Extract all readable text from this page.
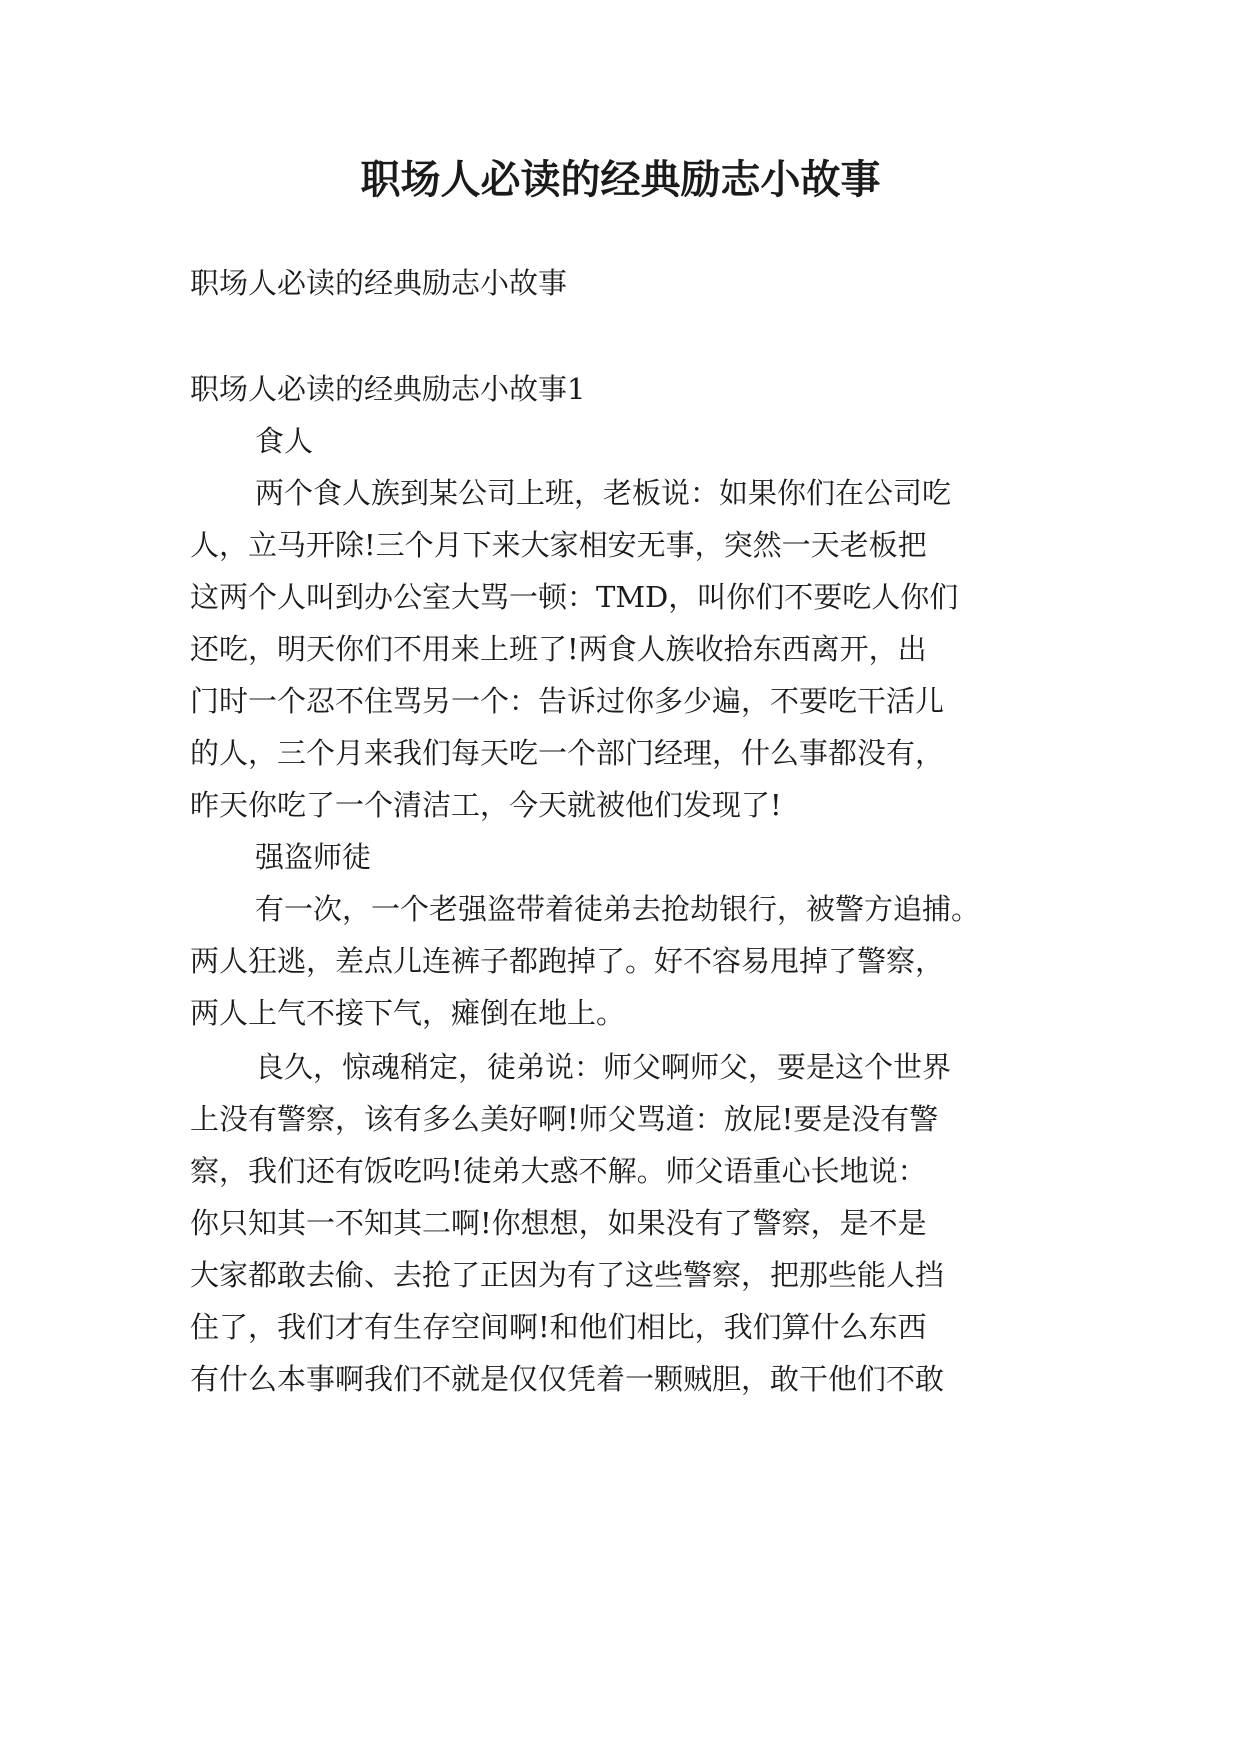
职场人必读的经典励志小故事
职场人必读的经典励志小故事
职场人必读的经典励志小故事1
食人
两个食人族到某公司上班，老板说：如果你们在公司吃
人，立马开除!三个月下来大家相安无事，突然一天老板把
这两个人叫到办公室大骂一顿：TMD，叫你们不要吃人你们
还吃，明天你们不用来上班了!两食人族收拾东西离开，出
门时一个忍不住骂另一个：告诉过你多少遍，不要吃干活儿
的人，三个月来我们每天吃一个部门经理，什么事都没有，
昨天你吃了一个清洁工，今天就被他们发现了!
强盗师徒
有一次，一个老强盗带着徒弟去抢劫银行，被警方追捕。
两人狂逃，差点儿连裤子都跑掉了。好不容易甩掉了警察，
两人上气不接下气，瘫倒在地上。
良久，惊魂稍定，徒弟说：师父啊师父，要是这个世界
上没有警察，该有多么美好啊!师父骂道：放屁!要是没有警
察，我们还有饭吃吗!徒弟大惑不解。师父语重心长地说：
你只知其一不知其二啊!你想想，如果没有了警察，是不是
大家都敢去偷、去抢了正因为有了这些警察，把那些能人挡
住了，我们才有生存空间啊!和他们相比，我们算什么东西
有什么本事啊我们不就是仅仅凭着一颗贼胆，敢干他们不敢
